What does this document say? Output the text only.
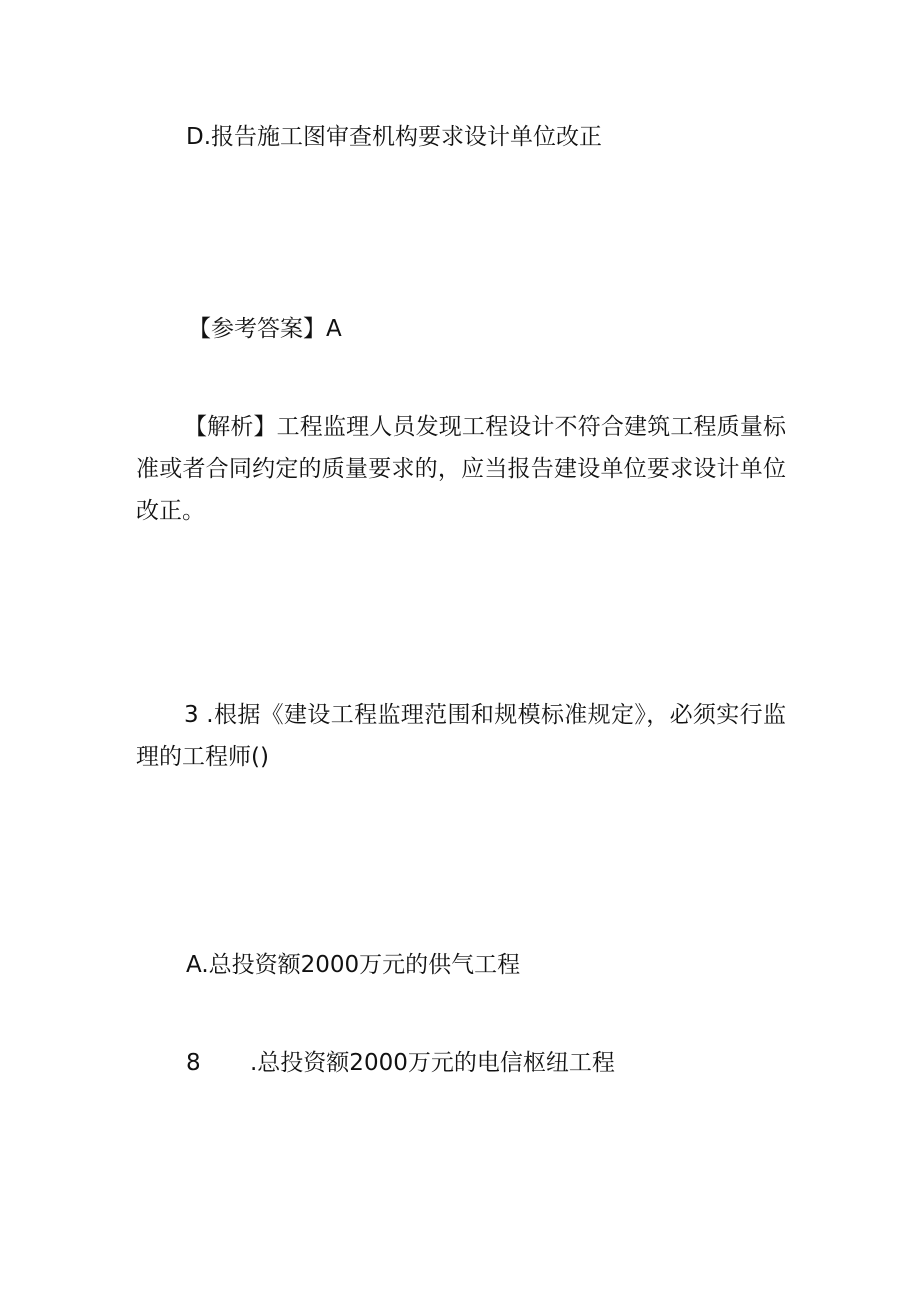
D.报告施工图审查机构要求设计单位改正
【参考答案】A
【解析】工程监理人员发现工程设计不符合建筑工程质量标准或者合同约定的质量要求的，应当报告建设单位要求设计单位改正。
3 .根据《建设工程监理范围和规模标准规定》，必须实行监理的工程师()
A.总投资额2000万元的供气工程
8 .总投资额2000万元的电信枢纽工程
